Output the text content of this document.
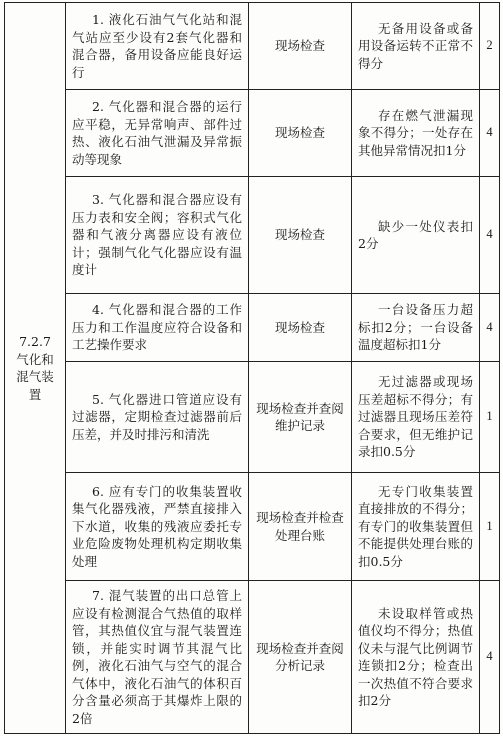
7.2.7
气化和混气装置	1. 液化石油气气化站和混气站应至少设有2套气化器和混合器，备用设备应能良好运行	现场检查	无备用设备或备用设备运转不正常不得分	2
	2. 气化器和混合器的运行应平稳，无异常响声、部件过热、液化石油气泄漏及异常振动等现象	现场检查	存在燃气泄漏现象不得分；一处存在其他异常情况扣1分	4
	3. 气化器和混合器应设有压力表和安全阀；容积式气化器和气液分离器应设有液位计；强制气化气化器应设有温度计	现场检查	缺少一处仪表扣2分	4
	4. 气化器和混合器的工作压力和工作温度应符合设备和工艺操作要求	现场检查	一台设备压力超标扣2分；一台设备温度超标扣1分	4
	5. 气化器进口管道应设有过滤器，定期检查过滤器前后压差，并及时排污和清洗	现场检查并查阅维护记录	无过滤器或现场压差超标不得分；有过滤器且现场压差符合要求，但无维护记录扣0.5分	1
	6. 应有专门的收集装置收集气化器残液，严禁直接排入下水道，收集的残液应委托专业危险废物处理机构定期收集处理	现场检查并检查处理台账	无专门收集装置直接排放的不得分；有专门的收集装置但不能提供处理台账的扣0.5分	1
	7. 混气装置的出口总管上应设有检测混合气热值的取样管，其热值仪宜与混气装置连锁，并能实时调节其混气比例，液化石油气与空气的混合气体中，液化石油气的体积百分含量必须高于其爆炸上限的2倍	现场检查并查阅分析记录	未设取样管或热值仪均不得分；热值仪未与混气比例调节连锁扣2分；检查出一次热值不符合要求扣2分	4
